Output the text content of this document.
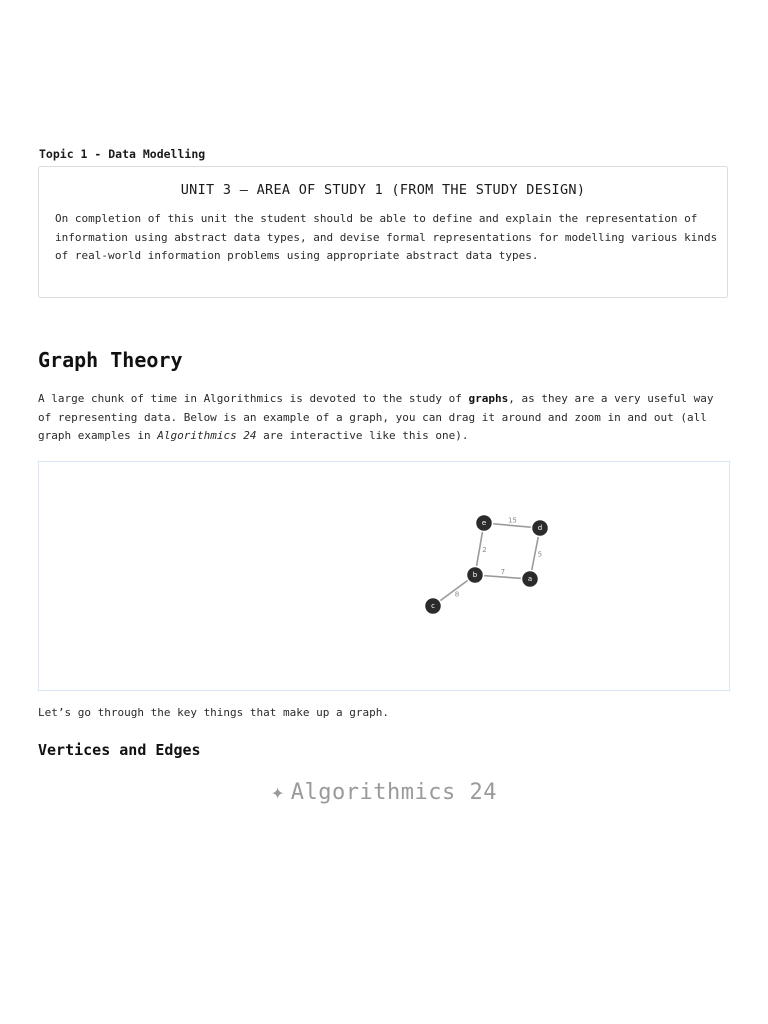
Topic 1 - Data Modelling
UNIT 3 — AREA OF STUDY 1 (FROM THE STUDY DESIGN)
On completion of this unit the student should be able to define and explain the representation of information using abstract data types, and devise formal representations for modelling various kinds of real-world information problems using appropriate abstract data types.
Graph Theory

A large chunk of time in Algorithmics is devoted to the study of graphs, as they are a very useful way of representing data. Below is an example of a graph, you can drag it around and zoom in and out (all graph examples in Algorithmics 24 are interactive like this one).

15
2
5
7
8
e
d
b	a
c
Let’s go through the key things that make up a graph.
Vertices and Edges
✦ Algorithmics 24
